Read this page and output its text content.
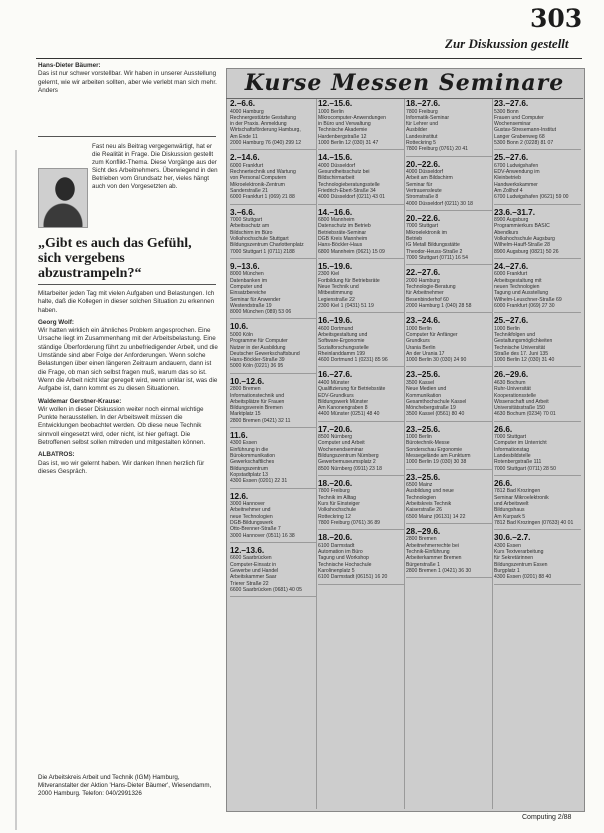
303
Zur Diskussion gestellt

Hans-Dieter Bäumer:

Das ist nur schwer vorstellbar. Wir haben in unserer Ausstellung gelernt, wie wir arbeiten sollten, aber wie verlebt man sich mehr. Anders

Fast neu als Beitrag vergegenwärtigt, hat er die Realität in Frage. Die Diskussion gestellt zum Konflikt-Thema. Diese Vorgänge aus der Sicht des Arbeitnehmers. Überwiegend in den Betrieben vom Grundsatz her, vieles hängt auch von den Vorgesetzten ab.
„Gibt es auch das Gefühl, sich vergebens abzustrampeln?“

Mitarbeiter jeden Tag mit vielen Aufgaben und Belastungen. Ich halte, daß die Kollegen in dieser solchen Situation zu erkennen haben.

Georg Wolf:

Wir hatten wirklich ein ähnliches Problem angesprochen. Eine Ursache liegt im Zusammenhang mit der Arbeitsbelastung. Eine ständige Überforderung führt zu unbefriedigender Arbeit, und die Umstände sind aber Folge der Anforderungen. Wenn solche Belastungen über einen längeren Zeitraum andauern, dann ist die Frage, ob man sich selbst fragen muß, warum das so ist. Wenn die Arbeit nicht klar geregelt wird, wenn unklar ist, was die Aufgabe ist, dann kommt es zu diesen Situationen.

Waldemar Gerstner-Krause:

Wir wollen in dieser Diskussion weiter noch einmal wichtige Punkte herausstellen. In der Arbeitswelt müssen die Entwicklungen beobachtet werden. Ob diese neue Technik sinnvoll eingesetzt wird, oder nicht, ist hier gefragt. Die Betroffenen selbst sollen mitreden und mitgestalten können.

ALBATROS:

Das ist, wo wir gelernt haben. Wir danken Ihnen herzlich für dieses Gespräch.

Die Arbeitskreis Arbeit und Technik (IGM) Hamburg, Mitveranstalter der Aktion 'Hans-Dieter Bäumer', Wiesendamm, 2000 Hamburg. Telefon: 040/2991326
Computing 2/88
Kurse Messen Seminare
2.–6.6.
4000 Hamburg
Rechnergestützte Gestaltung
in der Praxis. Anmeldung
Wirtschaftsförderung Hamburg,
Am Ende 11
2000 Hamburg 76 (040) 299 12
2.–14.6.
6000 Frankfurt
Rechnertechnik und Wartung
von Personal Computern
Mikroelektronik-Zentrum
Sanderstraße 21
6000 Frankfurt 1 (069) 21 88
3.–6.6.
7000 Stuttgart
Arbeitsschutz am
Bildschirm im Büro
Volkshochschule Stuttgart
Bildungszentrum Charlottenplatz
7000 Stuttgart 1 (0711) 2188
9.–13.6.
8000 München
Datenbanken im
Computer und
Einsatzbereiche
Seminar für Anwender
Westendstraße 19
8000 München (089) 53 06
10.6.
5000 Köln
Programme für Computer
Nutzer in der Ausbildung
Deutscher Gewerkschaftsbund
Hans-Böckler-Straße 39
5000 Köln (0221) 36 95
10.–12.6.
2800 Bremen
Informationstechnik und
Arbeitsplätze für Frauen
Bildungsverein Bremen
Marktplatz 15
2800 Bremen (0421) 32 11
11.6.
4300 Essen
Einführung in die
Bürokommunikation
Gewerkschaftliches
Bildungszentrum
Kopstadtplatz 13
4300 Essen (0201) 22 31
12.6.
3000 Hannover
Arbeitnehmer und
neue Technologien
DGB-Bildungswerk
Otto-Brenner-Straße 7
3000 Hannover (0511) 16 38
12.–13.6.
6600 Saarbrücken
Computer-Einsatz in
Gewerbe und Handel
Arbeitskammer Saar
Trierer Straße 22
6600 Saarbrücken (0681) 40 05
12.–15.6.
1000 Berlin
Mikrocomputer-Anwendungen
in Büro und Verwaltung
Technische Akademie
Hardenbergstraße 12
1000 Berlin 12 (030) 31 47
14.–15.6.
4000 Düsseldorf
Gesundheitsschutz bei
Bildschirmarbeit
Technologieberatungsstelle
Friedrich-Ebert-Straße 34
4000 Düsseldorf (0211) 43 01
14.–16.6.
6800 Mannheim
Datenschutz im Betrieb
Betriebsräte-Seminar
DGB Kreis Mannheim
Hans-Böckler-Haus
6800 Mannheim (0621) 15 09
15.–19.6.
2300 Kiel
Fortbildung für Betriebsräte
Neue Technik und
Mitbestimmung
Legienstraße 22
2300 Kiel 1 (0431) 51 19
16.–19.6.
4600 Dortmund
Arbeitsgestaltung und
Software-Ergonomie
Sozialforschungsstelle
Rheinlanddamm 199
4600 Dortmund 1 (0231) 85 96
16.–27.6.
4400 Münster
Qualifizierung für Betriebsräte
EDV-Grundkurs
Bildungswerk Münster
Am Kanonengraben 8
4400 Münster (0251) 48 40
17.–20.6.
8500 Nürnberg
Computer und Arbeit
Wochenendseminar
Bildungszentrum Nürnberg
Gewerbemuseumsplatz 2
8500 Nürnberg (0911) 23 18
18.–20.6.
7800 Freiburg
Technik im Alltag
Kurs für Einsteiger
Volkshochschule
Rotteckring 12
7800 Freiburg (0761) 36 89
18.–20.6.
6100 Darmstadt
Automation im Büro
Tagung und Workshop
Technische Hochschule
Karolinenplatz 5
6100 Darmstadt (06151) 16 20
18.–27.6.
7800 Freiburg
Informatik-Seminar
für Lehrer und
Ausbilder
Landesinstitut
Rotteckring 5
7800 Freiburg (0761) 20 41
20.–22.6.
4000 Düsseldorf
Arbeit am Bildschirm
Seminar für
Vertrauensleute
Stromstraße 8
4000 Düsseldorf (0211) 30 18
20.–22.6.
7000 Stuttgart
Mikroelektronik im
Betrieb
IG Metall Bildungsstätte
Theodor-Heuss-Straße 2
7000 Stuttgart (0711) 16 54
22.–27.6.
2000 Hamburg
Technologie-Beratung
für Arbeitnehmer
Besenbinderhof 60
2000 Hamburg 1 (040) 28 58
23.–24.6.
1000 Berlin
Computer für Anfänger
Grundkurs
Urania Berlin
An der Urania 17
1000 Berlin 30 (030) 24 90
23.–25.6.
3500 Kassel
Neue Medien und
Kommunikation
Gesamthochschule Kassel
Mönchebergstraße 19
3500 Kassel (0561) 80 40
23.–25.6.
1000 Berlin
Bürotechnik-Messe
Sonderschau Ergonomie
Messegelände am Funkturm
1000 Berlin 19 (030) 30 38
23.–25.6.
6500 Mainz
Ausbildung und neue
Technologien
Arbeitskreis Technik
Kaiserstraße 26
6500 Mainz (06131) 14 22
28.–29.6.
2800 Bremen
Arbeitnehmerrechte bei
Technik-Einführung
Arbeiterkammer Bremen
Bürgerstraße 1
2800 Bremen 1 (0421) 36 30
23.–27.6.
5300 Bonn
Frauen und Computer
Wochenseminar
Gustav-Stresemann-Institut
Langer Grabenweg 68
5300 Bonn 2 (0228) 81 07
25.–27.6.
6700 Ludwigshafen
EDV-Anwendung im
Kleinbetrieb
Handwerkskammer
Am Zollhof 4
6700 Ludwigshafen (0621) 59 00
23.6.–31.7.
8900 Augsburg
Programmierkurs BASIC
Abendkurs
Volkshochschule Augsburg
Wilhelm-Hauff-Straße 28
8900 Augsburg (0821) 50 26
24.–27.6.
6000 Frankfurt
Arbeitsgestaltung mit
neuen Technologien
Tagung und Ausstellung
Wilhelm-Leuschner-Straße 69
6000 Frankfurt (069) 27 30
25.–27.6.
1000 Berlin
Technikfolgen und
Gestaltungsmöglichkeiten
Technische Universität
Straße des 17. Juni 135
1000 Berlin 12 (030) 31 40
26.–29.6.
4630 Bochum
Ruhr-Universität
Kooperationsstelle
Wissenschaft und Arbeit
Universitätsstraße 150
4630 Bochum (0234) 70 01
26.6.
7000 Stuttgart
Computer im Unterricht
Informationstag
Landesbildstelle
Rotenbergstraße 111
7000 Stuttgart (0711) 28 50
26.6.
7812 Bad Krozingen
Seminar Mikroelektronik
und Arbeitswelt
Bildungshaus
Am Kurpark 5
7812 Bad Krozingen (07633) 40 01
30.6.–2.7.
4300 Essen
Kurs Textverarbeitung
für Sekretärinnen
Bildungszentrum Essen
Burgplatz 1
4300 Essen (0201) 88 40
